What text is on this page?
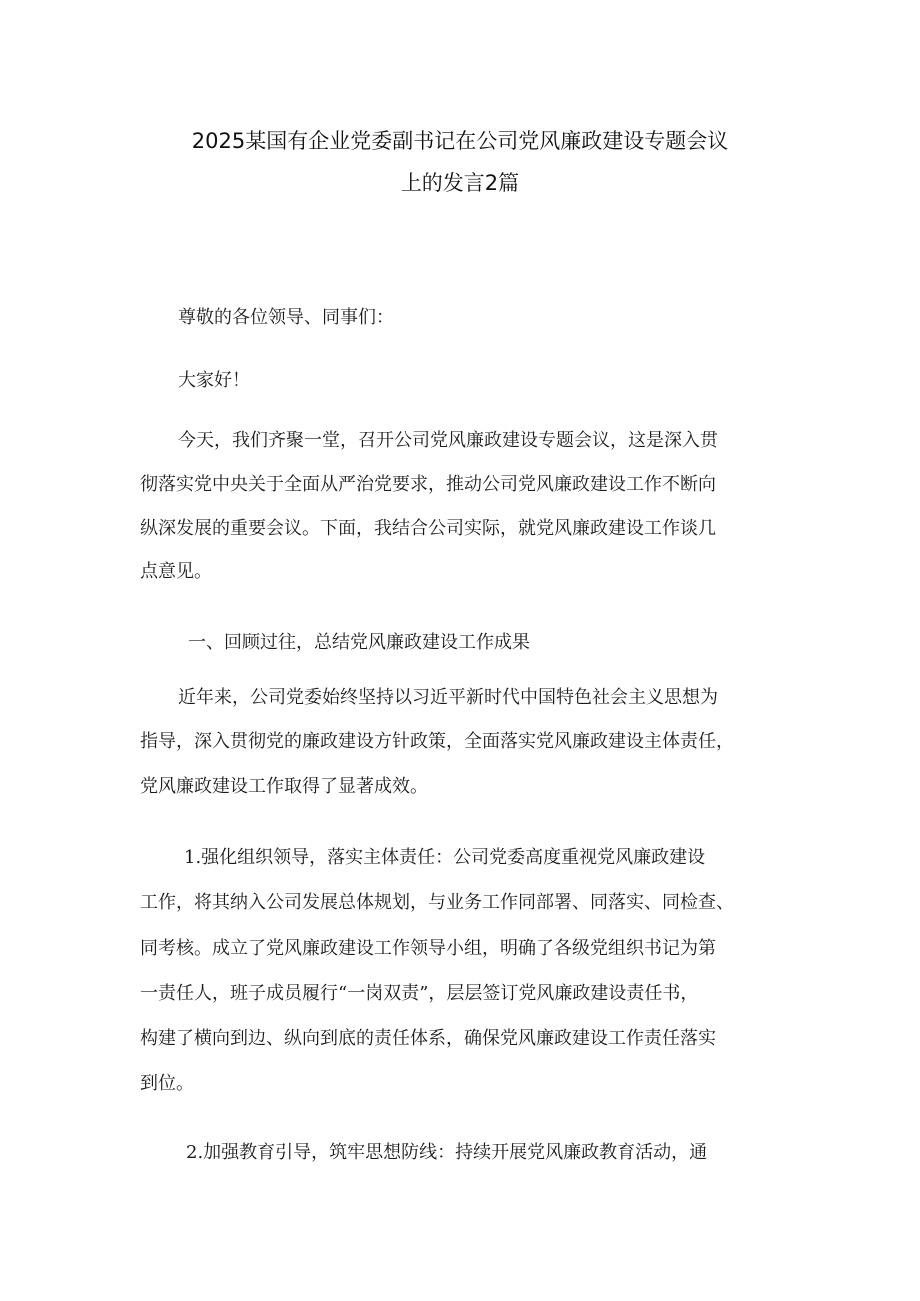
2025某国有企业党委副书记在公司党风廉政建设专题会议
上的发言2篇

尊敬的各位领导、同事们：

大家好！

今天，我们齐聚一堂，召开公司党风廉政建设专题会议，这是深入贯

彻落实党中央关于全面从严治党要求，推动公司党风廉政建设工作不断向

纵深发展的重要会议。下面，我结合公司实际，就党风廉政建设工作谈几

点意见。

一、回顾过往，总结党风廉政建设工作成果

近年来，公司党委始终坚持以习近平新时代中国特色社会主义思想为

指导，深入贯彻党的廉政建设方针政策，全面落实党风廉政建设主体责任，

党风廉政建设工作取得了显著成效。

1.强化组织领导，落实主体责任：公司党委高度重视党风廉政建设

工作，将其纳入公司发展总体规划，与业务工作同部署、同落实、同检查、

同考核。成立了党风廉政建设工作领导小组，明确了各级党组织书记为第

一责任人，班子成员履行“一岗双责”，层层签订党风廉政建设责任书，

构建了横向到边、纵向到底的责任体系，确保党风廉政建设工作责任落实

到位。

2.加强教育引导，筑牢思想防线：持续开展党风廉政教育活动，通
